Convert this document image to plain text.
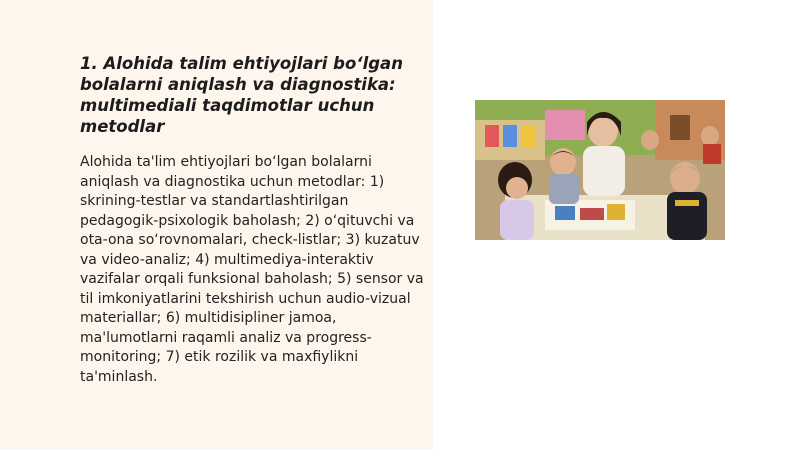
1. Alohida talim ehtiyojlari bo‘lgan bolalarni aniqlash va diagnostika: multimediali taqdimotlar uchun metodlar

Alohida ta'lim ehtiyojlari bo‘lgan bolalarni aniqlash va diagnostika uchun metodlar: 1) skrining-testlar va standartlashtirilgan pedagogik-psixologik baholash; 2) o‘qituvchi va ota-ona so‘rovnomalari, check-listlar; 3) kuzatuv va video-analiz; 4) multimediya-interaktiv vazifalar orqali funksional baholash; 5) sensor va til imkoniyatlarini tekshirish uchun audio-vizual materiallar; 6) multidisipliner jamoa, ma'lumotlarni raqamli analiz va progress-monitoring; 7) etik rozilik va maxfiylikni ta'minlash.
